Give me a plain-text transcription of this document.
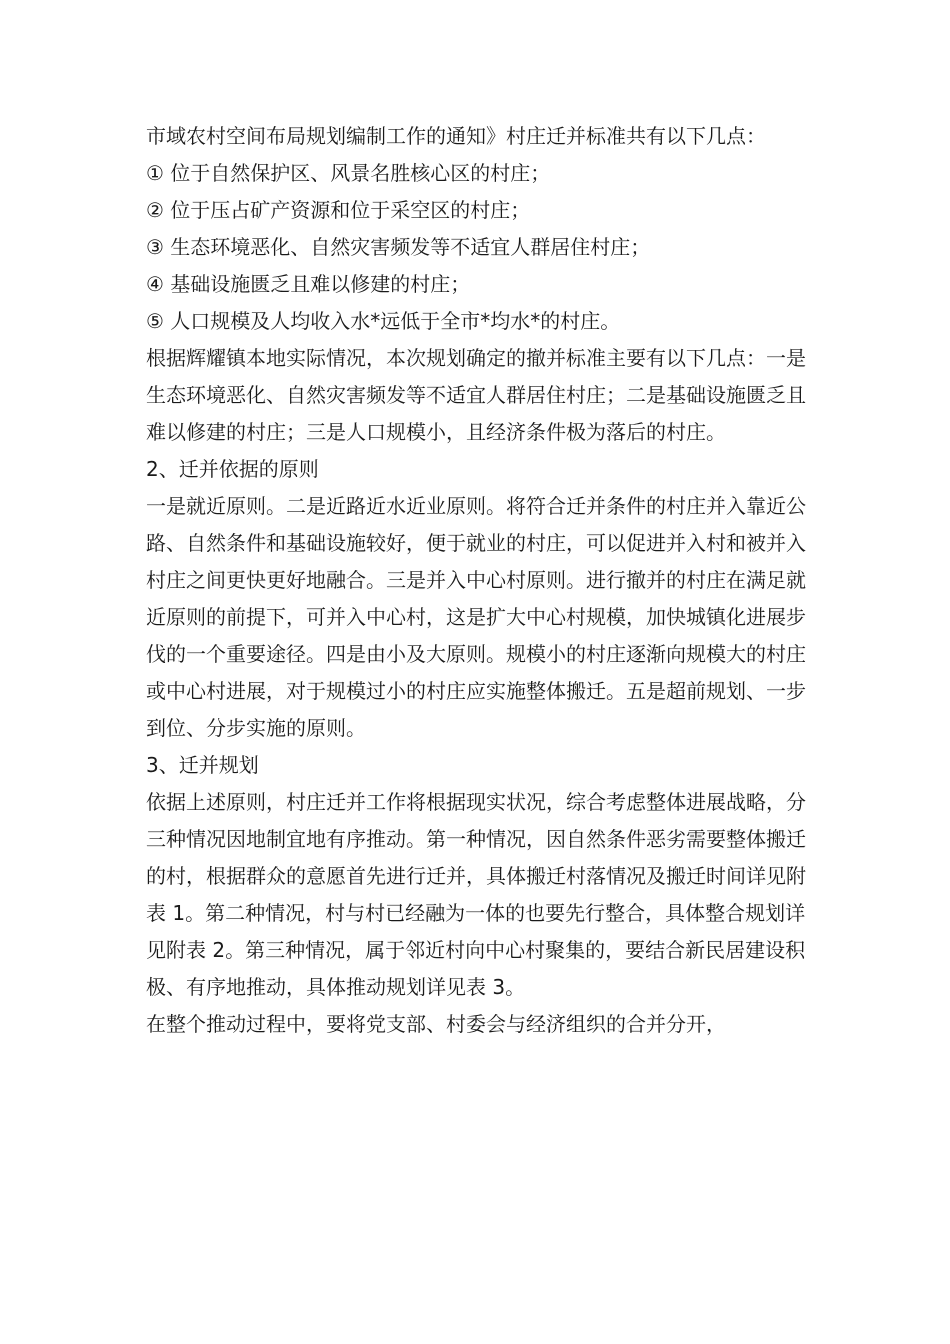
市域农村空间布局规划编制工作的通知》村庄迁并标准共有以下几点：

① 位于自然保护区、风景名胜核心区的村庄；

② 位于压占矿产资源和位于采空区的村庄；

③ 生态环境恶化、自然灾害频发等不适宜人群居住村庄；

④ 基础设施匮乏且难以修建的村庄；

⑤ 人口规模及人均收入水*远低于全市*均水*的村庄。

根据辉耀镇本地实际情况，本次规划确定的撤并标准主要有以下几点：一是生态环境恶化、自然灾害频发等不适宜人群居住村庄；二是基础设施匮乏且难以修建的村庄；三是人口规模小，且经济条件极为落后的村庄。

2、迁并依据的原则

一是就近原则。二是近路近水近业原则。将符合迁并条件的村庄并入靠近公路、自然条件和基础设施较好，便于就业的村庄，可以促进并入村和被并入村庄之间更快更好地融合。三是并入中心村原则。进行撤并的村庄在满足就近原则的前提下，可并入中心村，这是扩大中心村规模，加快城镇化进展步伐的一个重要途径。四是由小及大原则。规模小的村庄逐渐向规模大的村庄或中心村进展，对于规模过小的村庄应实施整体搬迁。五是超前规划、一步到位、分步实施的原则。

3、迁并规划

依据上述原则，村庄迁并工作将根据现实状况，综合考虑整体进展战略，分三种情况因地制宜地有序推动。第一种情况，因自然条件恶劣需要整体搬迁的村，根据群众的意愿首先进行迁并，具体搬迁村落情况及搬迁时间详见附表 1。第二种情况，村与村已经融为一体的也要先行整合，具体整合规划详见附表 2。第三种情况，属于邻近村向中心村聚集的，要结合新民居建设积极、有序地推动，具体推动规划详见表 3。

在整个推动过程中，要将党支部、村委会与经济组织的合并分开，
